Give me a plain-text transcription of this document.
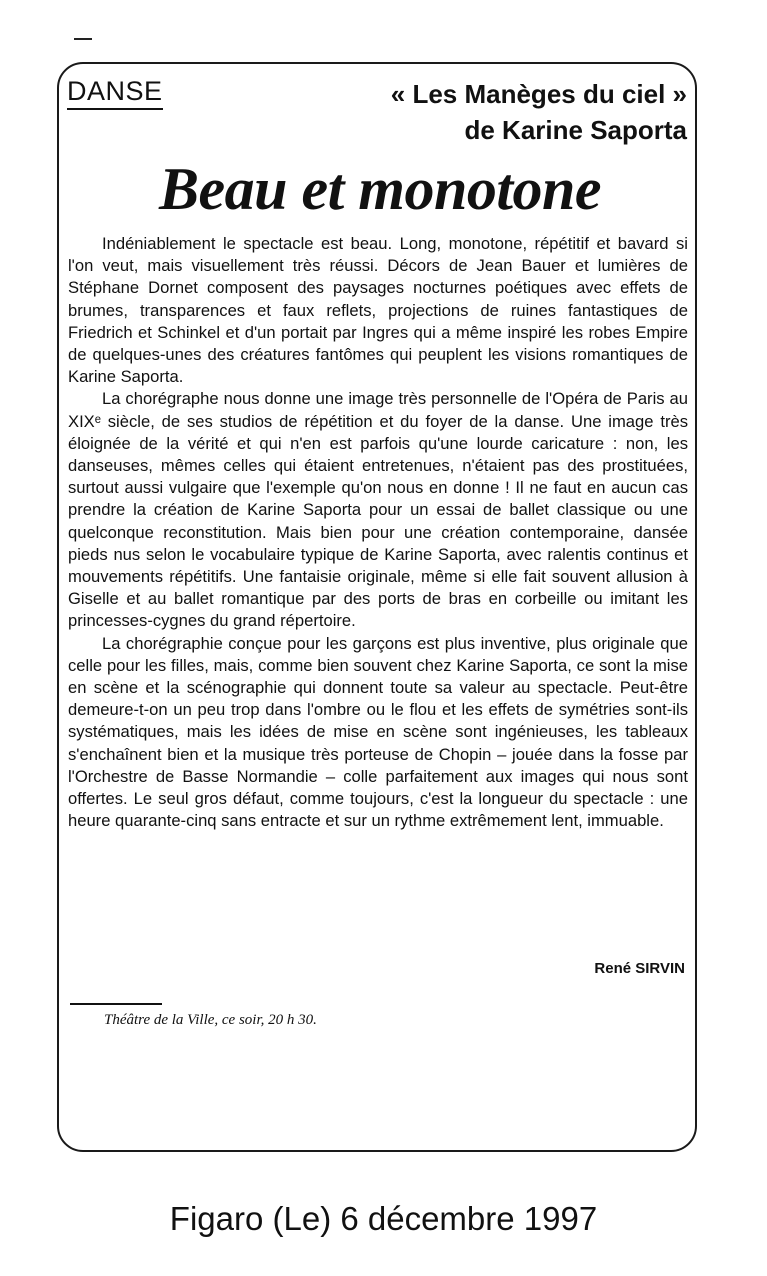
DANSE	« Les Manèges du ciel »
de Karine Saporta
Beau et monotone

Indéniablement le spectacle est beau. Long, monotone, répétitif et bavard si l'on veut, mais visuellement très réussi. Décors de Jean Bauer et lumières de Stéphane Dornet composent des paysages nocturnes poétiques avec effets de brumes, transparences et faux reflets, projections de ruines fantastiques de Friedrich et Schinkel et d'un portait par Ingres qui a même inspiré les robes Empire de quelques-unes des créatures fantômes qui peuplent les visions romantiques de Karine Saporta.

La chorégraphe nous donne une image très personnelle de l'Opéra de Paris au XIXᵉ siècle, de ses studios de répétition et du foyer de la danse. Une image très éloignée de la vérité et qui n'en est parfois qu'une lourde caricature : non, les danseuses, mêmes celles qui étaient entretenues, n'étaient pas des prostituées, surtout aussi vulgaire que l'exemple qu'on nous en donne ! Il ne faut en aucun cas prendre la création de Karine Saporta pour un essai de ballet classique ou une quelconque reconstitution. Mais bien pour une création contemporaine, dansée pieds nus selon le vocabulaire typique de Karine Saporta, avec ralentis continus et mouvements répétitifs. Une fantaisie originale, même si elle fait souvent allusion à Giselle et au ballet romantique par des ports de bras en corbeille ou imitant les princesses-cygnes du grand répertoire.

La chorégraphie conçue pour les garçons est plus inventive, plus originale que celle pour les filles, mais, comme bien souvent chez Karine Saporta, ce sont la mise en scène et la scénographie qui donnent toute sa valeur au spectacle. Peut-être demeure-t-on un peu trop dans l'ombre ou le flou et les effets de symétries sont-ils systématiques, mais les idées de mise en scène sont ingénieuses, les tableaux s'enchaînent bien et la musique très porteuse de Chopin – jouée dans la fosse par l'Orchestre de Basse Normandie – colle parfaitement aux images qui nous sont offertes. Le seul gros défaut, comme toujours, c'est la longueur du spectacle : une heure quarante-cinq sans entracte et sur un rythme extrêmement lent, immuable.

René SIRVIN
Théâtre de la Ville, ce soir, 20 h 30.
Figaro (Le) 6 décembre 1997
